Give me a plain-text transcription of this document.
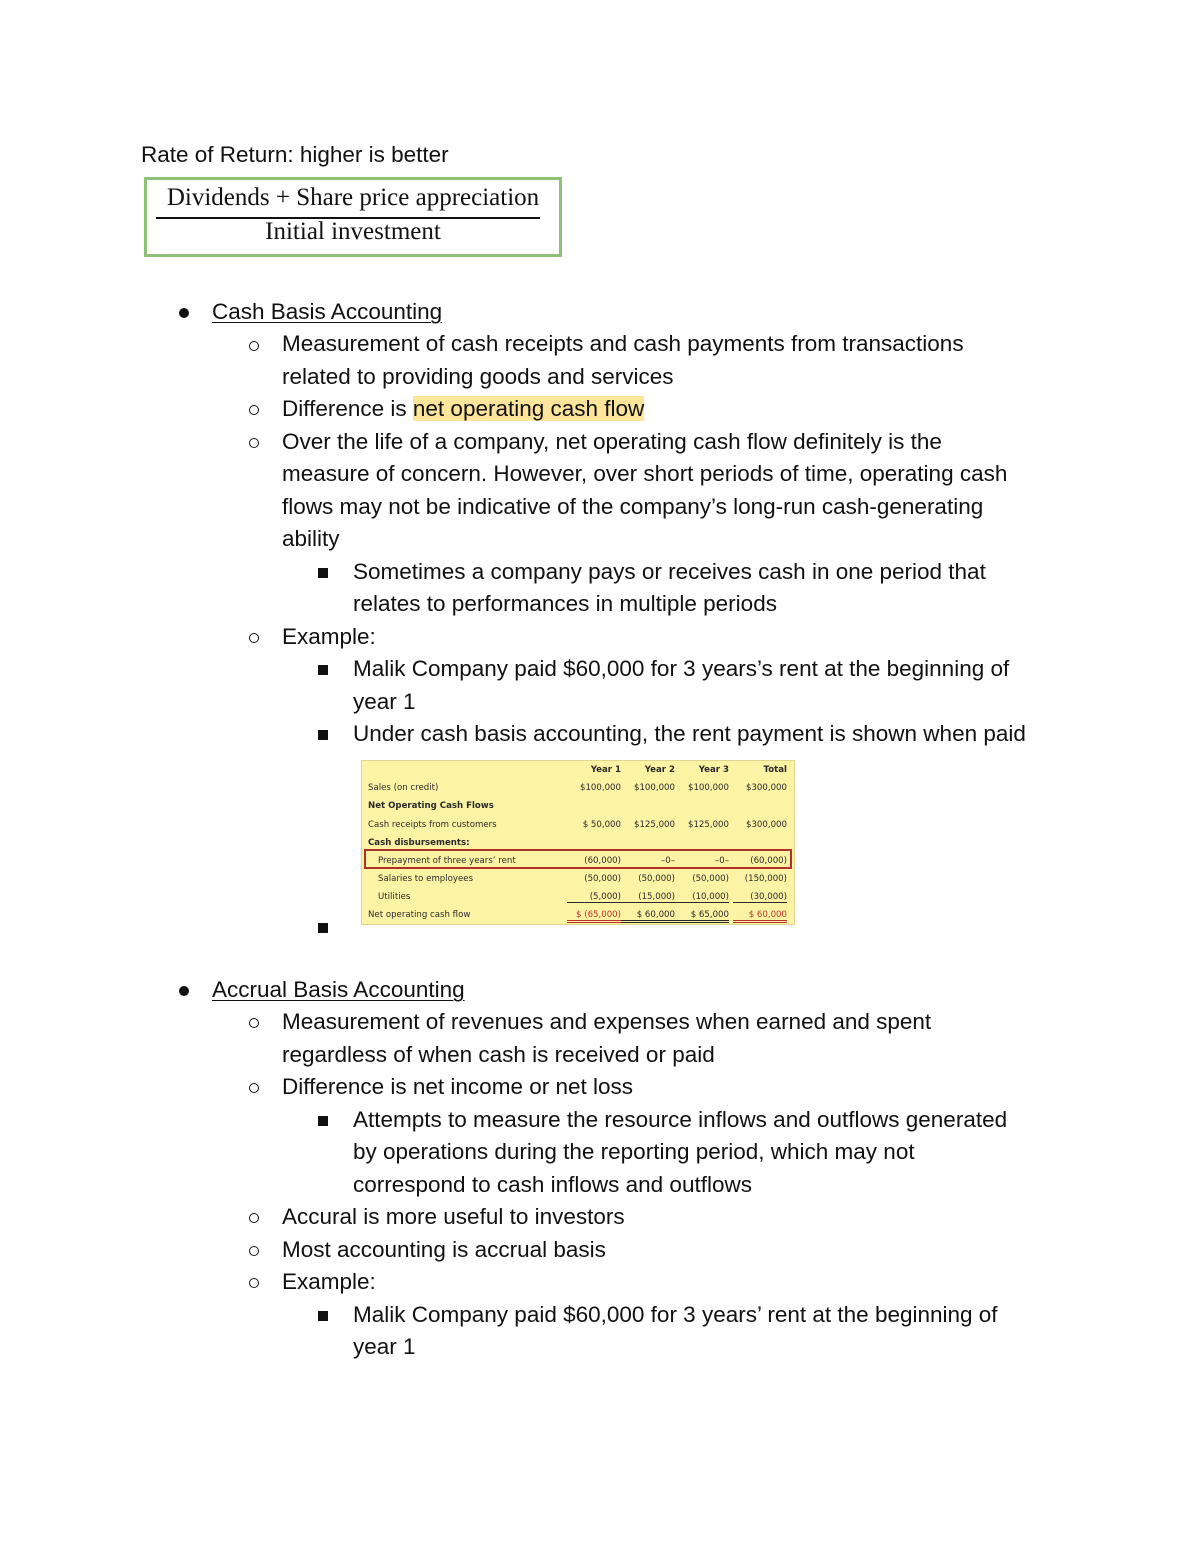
Rate of Return: higher is better
Dividends + Share price appreciation
Initial investment
Cash Basis Accounting
Measurement of cash receipts and cash payments from transactions
related to providing goods and services
Difference is net operating cash flow
Over the life of a company, net operating cash flow definitely is the
measure of concern. However, over short periods of time, operating cash
flows may not be indicative of the company’s long-run cash-generating
ability
Sometimes a company pays or receives cash in one period that
relates to performances in multiple periods
Example:
Malik Company paid $60,000 for 3 years’s rent at the beginning of
year 1
Under cash basis accounting, the rent payment is shown when paid
Year 1	Year 2	Year 3	Total
Sales (on credit)	$100,000	$100,000	$100,000	$300,000
Net Operating Cash Flows
Cash receipts from customers	$ 50,000	$125,000	$125,000	$300,000
Cash disbursements:
Prepayment of three years’ rent	(60,000)	–0–	–0–	(60,000)
Salaries to employees	(50,000)	(50,000)	(50,000)	(150,000)
Utilities	(5,000)	(15,000)	(10,000)	(30,000)
Net operating cash flow	$ (65,000)	$ 60,000	$ 65,000	$ 60,000
Accrual Basis Accounting
Measurement of revenues and expenses when earned and spent
regardless of when cash is received or paid
Difference is net income or net loss
Attempts to measure the resource inflows and outflows generated
by operations during the reporting period, which may not
correspond to cash inflows and outflows
Accural is more useful to investors
Most accounting is accrual basis
Example:
Malik Company paid $60,000 for 3 years’ rent at the beginning of
year 1
